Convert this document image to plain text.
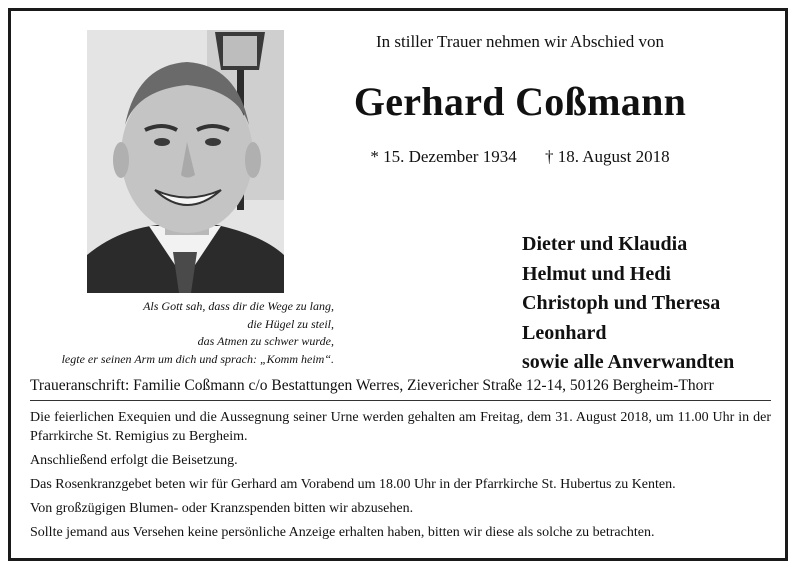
Als Gott sah, dass dir die Wege zu lang,
die Hügel zu steil,
das Atmen zu schwer wurde,
legte er seinen Arm um dich und sprach: „Komm heim“.
In stiller Trauer nehmen wir Abschied von
Gerhard Coßmann
* 15. Dezember 1934 † 18. August 2018
Dieter und Klaudia
Helmut und Hedi
Christoph und Theresa
Leonhard
sowie alle Anverwandten
Traueranschrift: Familie Coßmann c/o Bestattungen Werres, Zievericher Straße 12-14, 50126 Bergheim-Thorr

Die feierlichen Exequien und die Aussegnung seiner Urne werden gehalten am Freitag, dem 31. August 2018, um 11.00 Uhr in der Pfarrkirche St. Remigius zu Bergheim.

Anschließend erfolgt die Beisetzung.

Das Rosenkranzgebet beten wir für Gerhard am Vorabend um 18.00 Uhr in der Pfarrkirche St. Hubertus zu Kenten.

Von großzügigen Blumen- oder Kranzspenden bitten wir abzusehen.

Sollte jemand aus Versehen keine persönliche Anzeige erhalten haben, bitten wir diese als solche zu betrachten.
